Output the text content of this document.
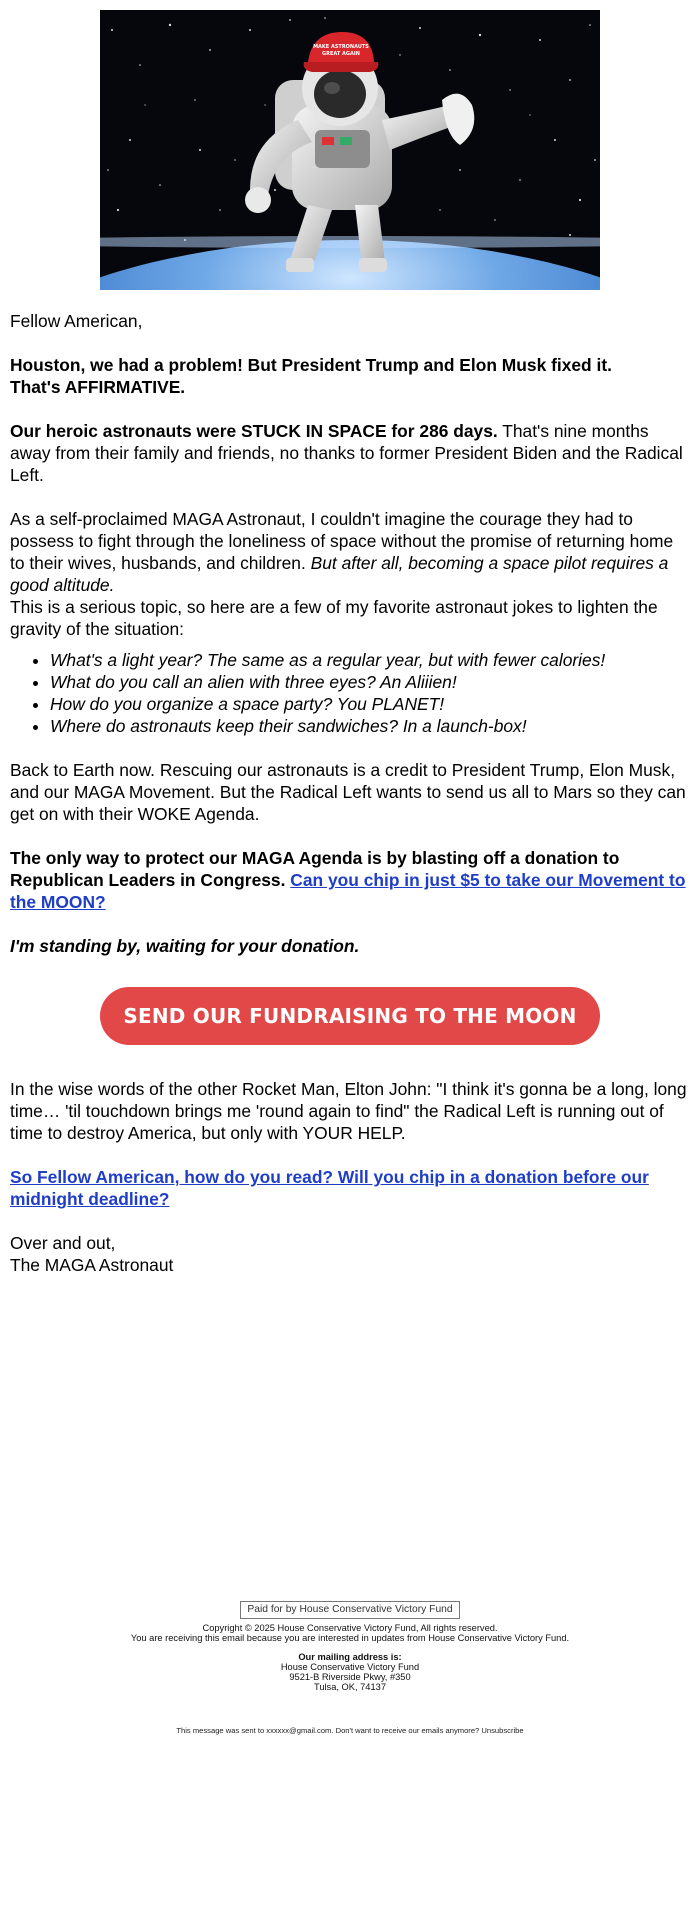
MAKE ASTRONAUTS
GREAT AGAIN

Fellow American,

Houston, we had a problem! But President Trump and Elon Musk fixed it.
That's AFFIRMATIVE.

Our heroic astronauts were STUCK IN SPACE for 286 days. That's nine months away from their family and friends, no thanks to former President Biden and the Radical Left.

As a self-proclaimed MAGA Astronaut, I couldn't imagine the courage they had to possess to fight through the loneliness of space without the promise of returning home to their wives, husbands, and children. But after all, becoming a space pilot requires a good altitude.

This is a serious topic, so here are a few of my favorite astronaut jokes to lighten the gravity of the situation:

• What's a light year? The same as a regular year, but with fewer calories!
• What do you call an alien with three eyes? An Aliiien!
• How do you organize a space party? You PLANET!
• Where do astronauts keep their sandwiches? In a launch-box!

Back to Earth now. Rescuing our astronauts is a credit to President Trump, Elon Musk, and our MAGA Movement. But the Radical Left wants to send us all to Mars so they can get on with their WOKE Agenda.

The only way to protect our MAGA Agenda is by blasting off a donation to Republican Leaders in Congress. Can you chip in just $5 to take our Movement to the MOON?

I'm standing by, waiting for your donation.

SEND OUR FUNDRAISING TO THE MOON

In the wise words of the other Rocket Man, Elton John: "I think it's gonna be a long, long time… 'til touchdown brings me 'round again to find" the Radical Left is running out of time to destroy America, but only with YOUR HELP.

So Fellow American, how do you read? Will you chip in a donation before our midnight deadline?

Over and out,
The MAGA Astronaut

Paid for by House Conservative Victory Fund
Copyright © 2025 House Conservative Victory Fund, All rights reserved.
You are receiving this email because you are interested in updates from House Conservative Victory Fund.
Our mailing address is:
House Conservative Victory Fund
9521-B Riverside Pkwy, #350
Tulsa, OK, 74137
This message was sent to xxxxxx@gmail.com. Don't want to receive our emails anymore? Unsubscribe
